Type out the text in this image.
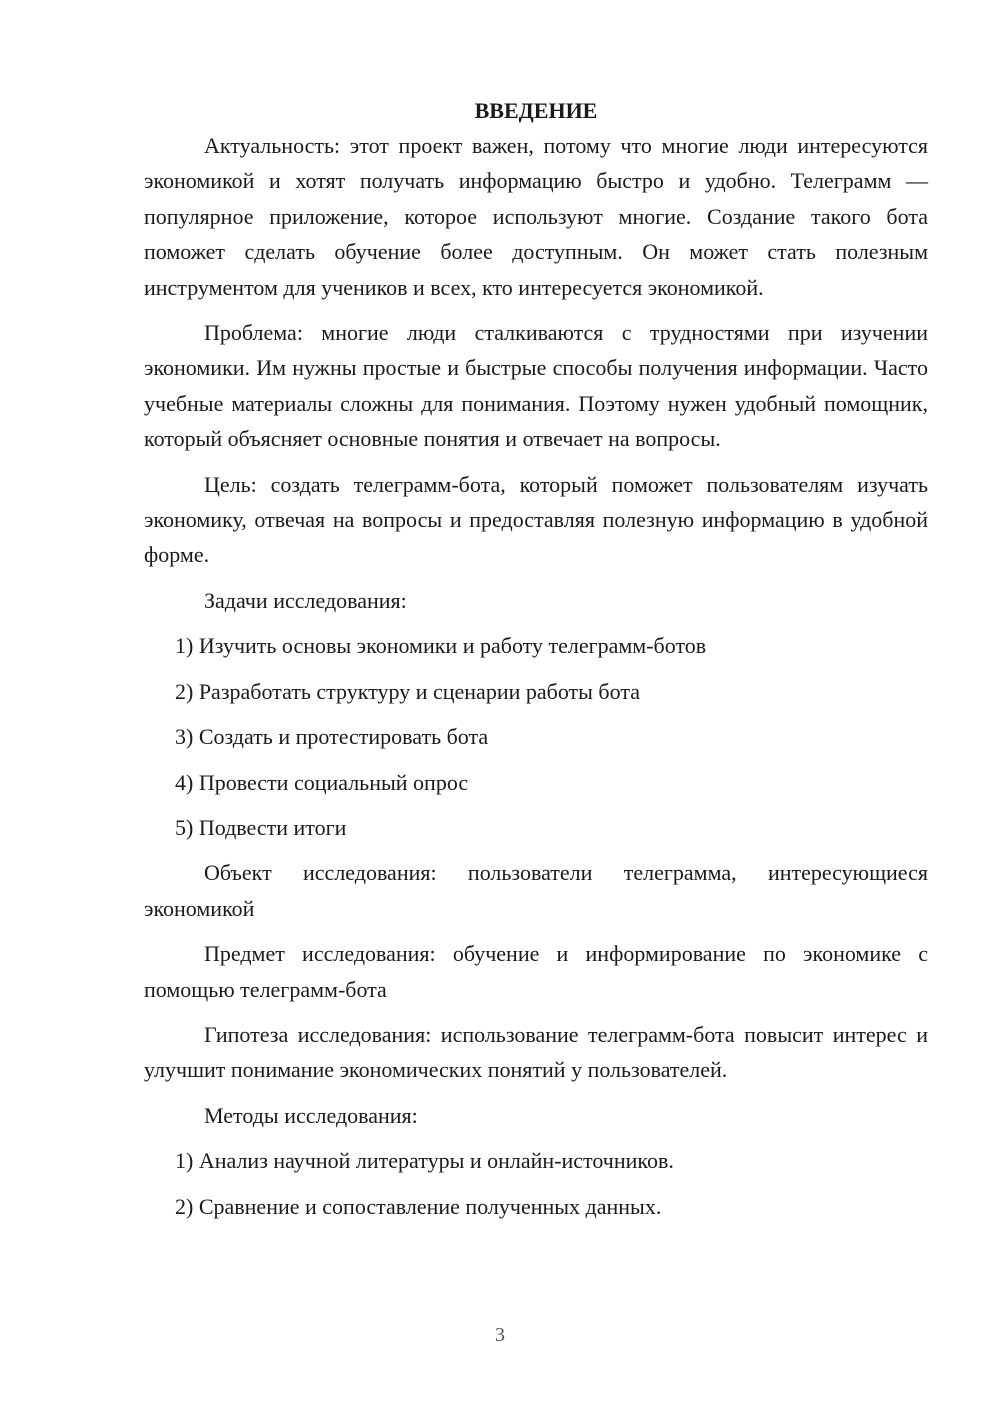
ВВЕДЕНИЕ

Актуальность: этот проект важен, потому что многие люди интересуются экономикой и хотят получать информацию быстро и удобно. Телеграмм — популярное приложение, которое используют многие. Создание такого бота поможет сделать обучение более доступным. Он может стать полезным инструментом для учеников и всех, кто интересуется экономикой.

Проблема: многие люди сталкиваются с трудностями при изучении экономики. Им нужны простые и быстрые способы получения информации. Часто учебные материалы сложны для понимания. Поэтому нужен удобный помощник, который объясняет основные понятия и отвечает на вопросы.

Цель: создать телеграмм-бота, который поможет пользователям изучать экономику, отвечая на вопросы и предоставляя полезную информацию в удобной форме.

Задачи исследования:

1) Изучить основы экономики и работу телеграмм-ботов
2) Разработать структуру и сценарии работы бота
3) Создать и протестировать бота
4) Провести социальный опрос
5) Подвести итоги

Объект исследования: пользователи телеграмма, интересующиеся экономикой

Предмет исследования: обучение и информирование по экономике с помощью телеграмм-бота

Гипотеза исследования: использование телеграмм-бота повысит интерес и улучшит понимание экономических понятий у пользователей.

Методы исследования:

1) Анализ научной литературы и онлайн-источников.
2) Сравнение и сопоставление полученных данных.
3
